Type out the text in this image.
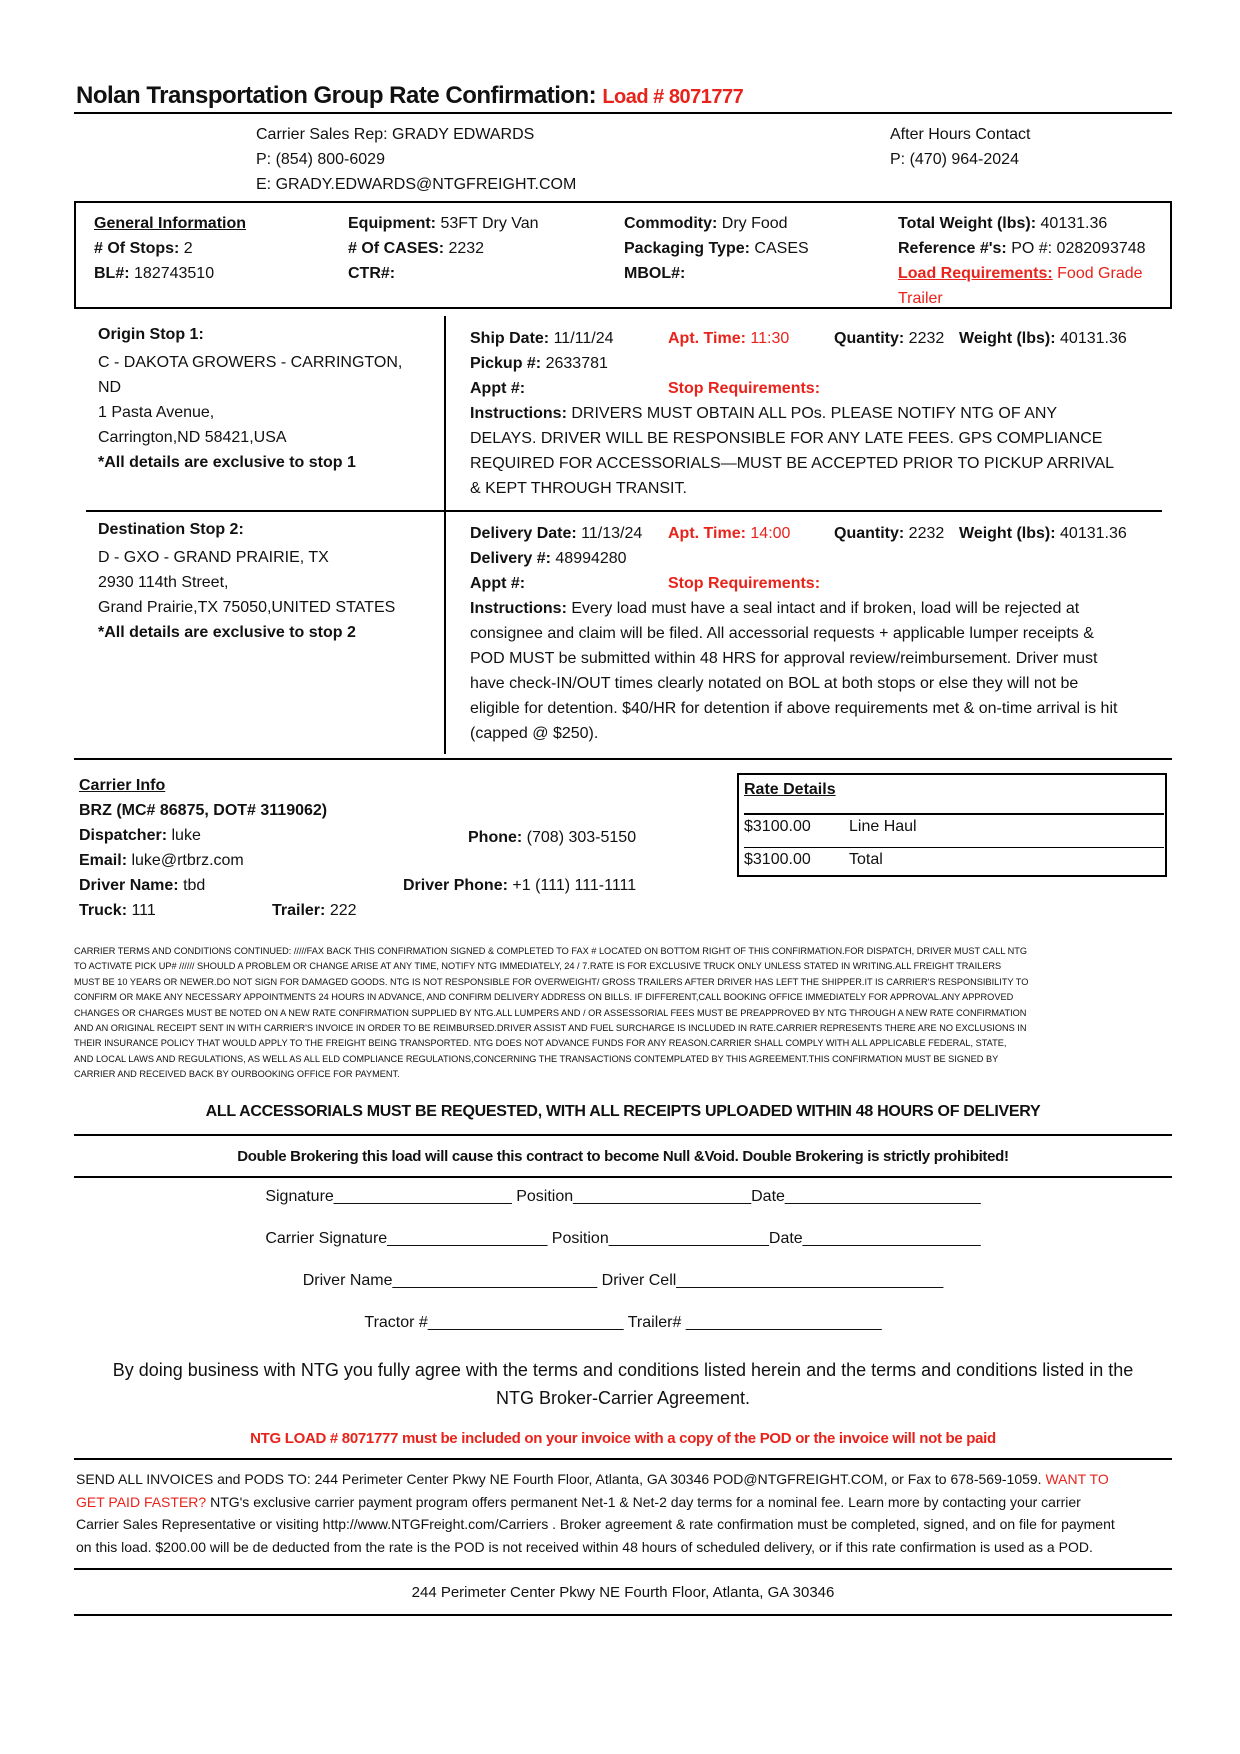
Nolan Transportation Group Rate Confirmation: Load # 8071777
Carrier Sales Rep: GRADY EDWARDS
P: (854) 800-6029
E: GRADY.EDWARDS@NTGFREIGHT.COM
After Hours Contact
P: (470) 964-2024
General Information
# Of Stops: 2
BL#: 182743510
Equipment: 53FT Dry Van
# Of CASES: 2232
CTR#:
Commodity: Dry Food
Packaging Type: CASES
MBOL#:
Total Weight (lbs): 40131.36
Reference #'s: PO #: 0282093748
Load Requirements: Food Grade
Trailer
Origin Stop 1:
C - DAKOTA GROWERS - CARRINGTON,
ND
1 Pasta Avenue,
Carrington,ND 58421,USA
*All details are exclusive to stop 1
Ship Date: 11/11/24	Apt. Time: 11:30	Quantity: 2232 Weight (lbs): 40131.36
Pickup #: 2633781
Appt #:	Stop Requirements:
Instructions: DRIVERS MUST OBTAIN ALL POs. PLEASE NOTIFY NTG OF ANY
DELAYS. DRIVER WILL BE RESPONSIBLE FOR ANY LATE FEES. GPS COMPLIANCE
REQUIRED FOR ACCESSORIALS—MUST BE ACCEPTED PRIOR TO PICKUP ARRIVAL
& KEPT THROUGH TRANSIT.
Destination Stop 2:
D - GXO - GRAND PRAIRIE, TX
2930 114th Street,
Grand Prairie,TX 75050,UNITED STATES
*All details are exclusive to stop 2
Delivery Date: 11/13/24 Apt. Time: 14:00	Quantity: 2232 Weight (lbs): 40131.36
Delivery #: 48994280
Appt #:	Stop Requirements:
Instructions: Every load must have a seal intact and if broken, load will be rejected at
consignee and claim will be filed. All accessorial requests + applicable lumper receipts &
POD MUST be submitted within 48 HRS for approval review/reimbursement. Driver must
have check-IN/OUT times clearly notated on BOL at both stops or else they will not be
eligible for detention. $40/HR for detention if above requirements met & on-time arrival is hit
(capped @ $250).
Carrier Info
BRZ (MC# 86875, DOT# 3119062)
Dispatcher: luke	Phone: (708) 303-5150
Email: luke@rtbrz.com
Driver Name: tbd	Driver Phone: +1 (111) 111-1111
Truck: 111	Trailer: 222
Rate Details
$3100.00 Line Haul
$3100.00 Total
CARRIER TERMS AND CONDITIONS CONTINUED: /////FAX BACK THIS CONFIRMATION SIGNED & COMPLETED TO FAX # LOCATED ON BOTTOM RIGHT OF THIS CONFIRMATION.FOR DISPATCH, DRIVER MUST CALL NTG
TO ACTIVATE PICK UP# ////// SHOULD A PROBLEM OR CHANGE ARISE AT ANY TIME, NOTIFY NTG IMMEDIATELY, 24 / 7.RATE IS FOR EXCLUSIVE TRUCK ONLY UNLESS STATED IN WRITING.ALL FREIGHT TRAILERS
MUST BE 10 YEARS OR NEWER.DO NOT SIGN FOR DAMAGED GOODS. NTG IS NOT RESPONSIBLE FOR OVERWEIGHT/ GROSS TRAILERS AFTER DRIVER HAS LEFT THE SHIPPER.IT IS CARRIER'S RESPONSIBILITY TO
CONFIRM OR MAKE ANY NECESSARY APPOINTMENTS 24 HOURS IN ADVANCE, AND CONFIRM DELIVERY ADDRESS ON BILLS. IF DIFFERENT,CALL BOOKING OFFICE IMMEDIATELY FOR APPROVAL.ANY APPROVED
CHANGES OR CHARGES MUST BE NOTED ON A NEW RATE CONFIRMATION SUPPLIED BY NTG.ALL LUMPERS AND / OR ASSESSORIAL FEES MUST BE PREAPPROVED BY NTG THROUGH A NEW RATE CONFIRMATION
AND AN ORIGINAL RECEIPT SENT IN WITH CARRIER'S INVOICE IN ORDER TO BE REIMBURSED.DRIVER ASSIST AND FUEL SURCHARGE IS INCLUDED IN RATE.CARRIER REPRESENTS THERE ARE NO EXCLUSIONS IN
THEIR INSURANCE POLICY THAT WOULD APPLY TO THE FREIGHT BEING TRANSPORTED. NTG DOES NOT ADVANCE FUNDS FOR ANY REASON.CARRIER SHALL COMPLY WITH ALL APPLICABLE FEDERAL, STATE,
AND LOCAL LAWS AND REGULATIONS, AS WELL AS ALL ELD COMPLIANCE REGULATIONS,CONCERNING THE TRANSACTIONS CONTEMPLATED BY THIS AGREEMENT.THIS CONFIRMATION MUST BE SIGNED BY
CARRIER AND RECEIVED BACK BY OURBOOKING OFFICE FOR PAYMENT.
ALL ACCESSORIALS MUST BE REQUESTED, WITH ALL RECEIPTS UPLOADED WITHIN 48 HOURS OF DELIVERY
Double Brokering this load will cause this contract to become Null &Void. Double Brokering is strictly prohibited!
Signature____________________ Position____________________Date______________________
Carrier Signature__________________ Position__________________Date____________________
Driver Name_______________________ Driver Cell______________________________
Tractor #______________________ Trailer# ______________________
By doing business with NTG you fully agree with the terms and conditions listed herein and the terms and conditions listed in the
NTG Broker-Carrier Agreement.
NTG LOAD # 8071777 must be included on your invoice with a copy of the POD or the invoice will not be paid
SEND ALL INVOICES and PODS TO: 244 Perimeter Center Pkwy NE Fourth Floor, Atlanta, GA 30346 POD@NTGFREIGHT.COM, or Fax to 678-569-1059. WANT TO
GET PAID FASTER? NTG's exclusive carrier payment program offers permanent Net-1 & Net-2 day terms for a nominal fee. Learn more by contacting your carrier
Carrier Sales Representative or visiting http://www.NTGFreight.com/Carriers . Broker agreement & rate confirmation must be completed, signed, and on file for payment
on this load. $200.00 will be de deducted from the rate is the POD is not received within 48 hours of scheduled delivery, or if this rate confirmation is used as a POD.
244 Perimeter Center Pkwy NE Fourth Floor, Atlanta, GA 30346
